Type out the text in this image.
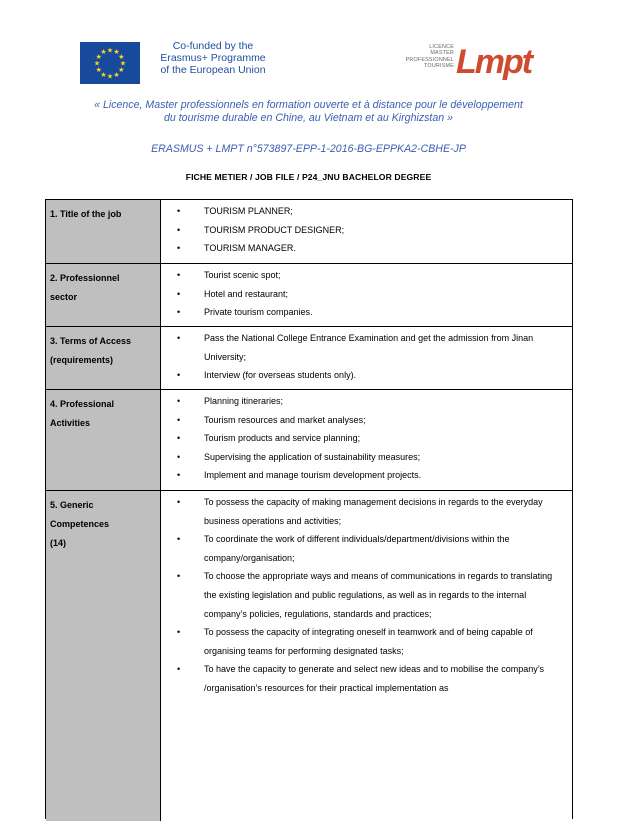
★ ★
★
★
★
★
★
★
★
★
★
★
Co-funded by the
Erasmus+ Programme
of the European Union
LICENCE
MASTER
PROFESSIONNEL
TOURISME Lmpt
« Licence, Master professionnels en formation ouverte et à distance pour le développement
du tourisme durable en Chine, au Vietnam et au Kirghizstan »
ERASMUS + LMPT n°573897-EPP-1-2016-BG-EPPKA2-CBHE-JP
FICHE METIER / JOB FILE / P24_JNU BACHELOR DEGREE
1. Title of the job
•	TOURISM PLANNER;
• TOURISM PRODUCT DESIGNER;
• TOURISM MANAGER.
2. Professionnel
sector
• Tourist scenic spot;
• Hotel and restaurant;
• Private tourism companies.
3. Terms of Access
(requirements)
• Pass the National College Entrance Examination and get the admission from Jinan University;
• Interview (for overseas students only).
4. Professional
Activities
• Planning itineraries;
• Tourism resources and market analyses;
• Tourism products and service planning;
• Supervising the application of sustainability measures;
• Implement and manage tourism development projects.
5. Generic
Competences
(14)
• To possess the capacity of making management decisions in regards to the everyday business operations and activities;
• To coordinate the work of different individuals/department/divisions within the company/organisation;
• To choose the appropriate ways and means of communications in regards to translating the existing legislation and public regulations, as well as in regards to the internal company’s policies, regulations, standards and practices;
• To possess the capacity of integrating oneself in teamwork and of being capable of organising teams for performing designated tasks;
• To have the capacity to generate and select new ideas and to mobilise the company’s /organisation’s resources for their practical implementation as
